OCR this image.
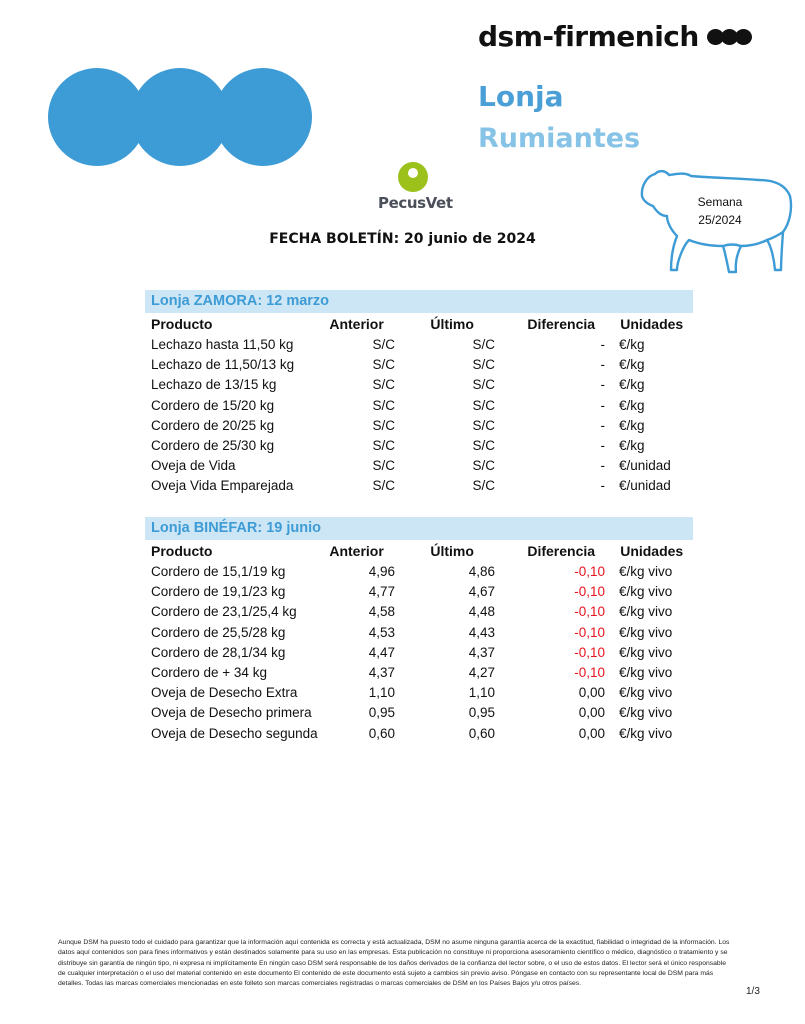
dsm-firmenich
Lonja
Rumiantes
PecusVet	Semana
25/2024
FECHA BOLETÍN: 20 junio de 2024
Lonja ZAMORA: 12 marzo
Producto	Anterior	Último	Diferencia	Unidades
Lechazo hasta 11,50 kg	S/C	S/C	-	€/kg
Lechazo de 11,50/13 kg	S/C	S/C	-	€/kg
Lechazo de 13/15 kg	S/C	S/C	-	€/kg
Cordero de 15/20 kg	S/C	S/C	-	€/kg
Cordero de 20/25 kg	S/C	S/C	-	€/kg
Cordero de 25/30 kg	S/C	S/C	-	€/kg
Oveja de Vida	S/C	S/C	-	€/unidad
Oveja Vida Emparejada	S/C	S/C	-	€/unidad
Lonja BINÉFAR: 19 junio
Producto	Anterior	Último	Diferencia	Unidades
Cordero de 15,1/19 kg	4,96	4,86	-0,10	€/kg vivo
Cordero de 19,1/23 kg	4,77	4,67	-0,10	€/kg vivo
Cordero de 23,1/25,4 kg	4,58	4,48	-0,10	€/kg vivo
Cordero de 25,5/28 kg	4,53	4,43	-0,10	€/kg vivo
Cordero de 28,1/34 kg	4,47	4,37	-0,10	€/kg vivo
Cordero de + 34 kg	4,37	4,27	-0,10	€/kg vivo
Oveja de Desecho Extra	1,10	1,10	0,00	€/kg vivo
Oveja de Desecho primera	0,95	0,95	0,00	€/kg vivo
Oveja de Desecho segunda	0,60	0,60	0,00	€/kg vivo
Aunque DSM ha puesto todo el cuidado para garantizar que la información aquí contenida es correcta y está actualizada, DSM no asume ninguna garantía acerca de la exactitud, fiabilidad o integridad de la información. Los datos aquí contenidos son para fines informativos y están destinados solamente para su uso en las empresas. Esta publicación no constituye ni proporciona asesoramiento científico o médico, diagnóstico o tratamiento y se distribuye sin garantía de ningún tipo, ni expresa ni implícitamente En ningún caso DSM será responsable de los daños derivados de la confianza del lector sobre, o el uso de estos datos. El lector será el único responsable de cualquier interpretación o el uso del material contenido en este documento El contenido de este documento está sujeto a cambios sin previo aviso. Póngase en contacto con su representante local de DSM para más detalles. Todas las marcas comerciales mencionadas en este folleto son marcas comerciales registradas o marcas comerciales de DSM en los Países Bajos y/u otros países.
1/3
